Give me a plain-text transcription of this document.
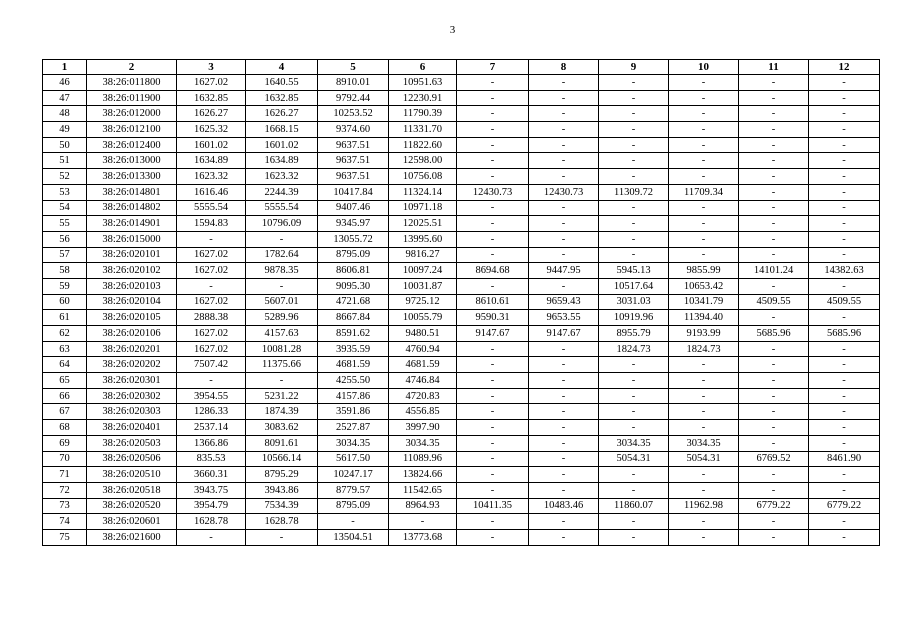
3
1	2	3	4	5	6	7	8	9	10	11	12
46	38:26:011800	1627.02	1640.55	8910.01	10951.63	-	-	-	-	-	-
47	38:26:011900	1632.85	1632.85	9792.44	12230.91	-	-	-	-	-	-
48	38:26:012000	1626.27	1626.27	10253.52	11790.39	-	-	-	-	-	-
49	38:26:012100	1625.32	1668.15	9374.60	11331.70	-	-	-	-	-	-
50	38:26:012400	1601.02	1601.02	9637.51	11822.60	-	-	-	-	-	-
51	38:26:013000	1634.89	1634.89	9637.51	12598.00	-	-	-	-	-	-
52	38:26:013300	1623.32	1623.32	9637.51	10756.08	-	-	-	-	-	-
53	38:26:014801	1616.46	2244.39	10417.84	11324.14	12430.73	12430.73	11309.72	11709.34	-	-
54	38:26:014802	5555.54	5555.54	9407.46	10971.18	-	-	-	-	-	-
55	38:26:014901	1594.83	10796.09	9345.97	12025.51	-	-	-	-	-	-
56	38:26:015000	-	-	13055.72	13995.60	-	-	-	-	-	-
57	38:26:020101	1627.02	1782.64	8795.09	9816.27	-	-	-	-	-	-
58	38:26:020102	1627.02	9878.35	8606.81	10097.24	8694.68	9447.95	5945.13	9855.99	14101.24	14382.63
59	38:26:020103	-	-	9095.30	10031.87	-	-	10517.64	10653.42	-	-
60	38:26:020104	1627.02	5607.01	4721.68	9725.12	8610.61	9659.43	3031.03	10341.79	4509.55	4509.55
61	38:26:020105	2888.38	5289.96	8667.84	10055.79	9590.31	9653.55	10919.96	11394.40	-	-
62	38:26:020106	1627.02	4157.63	8591.62	9480.51	9147.67	9147.67	8955.79	9193.99	5685.96	5685.96
63	38:26:020201	1627.02	10081.28	3935.59	4760.94	-	-	1824.73	1824.73	-	-
64	38:26:020202	7507.42	11375.66	4681.59	4681.59	-	-	-	-	-	-
65	38:26:020301	-	-	4255.50	4746.84	-	-	-	-	-	-
66	38:26:020302	3954.55	5231.22	4157.86	4720.83	-	-	-	-	-	-
67	38:26:020303	1286.33	1874.39	3591.86	4556.85	-	-	-	-	-	-
68	38:26:020401	2537.14	3083.62	2527.87	3997.90	-	-	-	-	-	-
69	38:26:020503	1366.86	8091.61	3034.35	3034.35	-	-	3034.35	3034.35	-	-
70	38:26:020506	835.53	10566.14	5617.50	11089.96	-	-	5054.31	5054.31	6769.52	8461.90
71	38:26:020510	3660.31	8795.29	10247.17	13824.66	-	-	-	-	-	-
72	38:26:020518	3943.75	3943.86	8779.57	11542.65	-	-	-	-	-	-
73	38:26:020520	3954.79	7534.39	8795.09	8964.93	10411.35	10483.46	11860.07	11962.98	6779.22	6779.22
74	38:26:020601	1628.78	1628.78	-	-	-	-	-	-	-	-
75	38:26:021600	-	-	13504.51	13773.68	-	-	-	-	-	-
